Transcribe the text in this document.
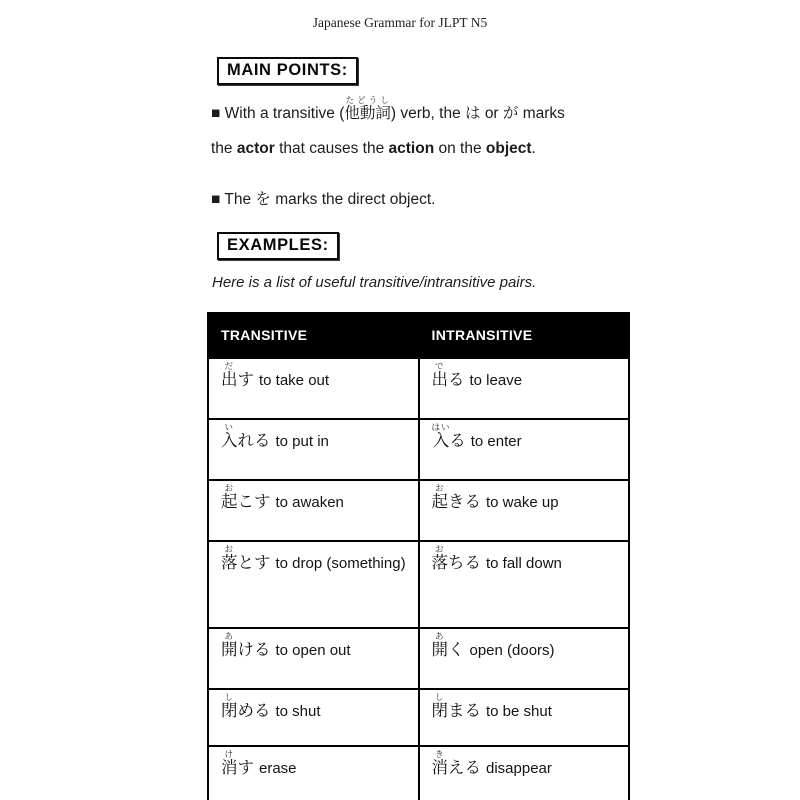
Japanese Grammar for JLPT N5
MAIN POINTS:
■ With a transitive (他動詞たどうし) verb, the は or が marks
the actor that causes the action on the object.
■ The を marks the direct object.
EXAMPLES:
Here is a list of useful transitive/intransitive pairs.
TRANSITIVE	INTRANSITIVE
出だす to take out	出でる to leave
入いれる to put in	入はいる to enter
起おこす to awaken	起おきる to wake up
落おとす to drop (something)	落おちる to fall down
開あける to open out	開あく open (doors)
閉しめる to shut	閉しまる to be shut
消けす erase	消きえる disappear
